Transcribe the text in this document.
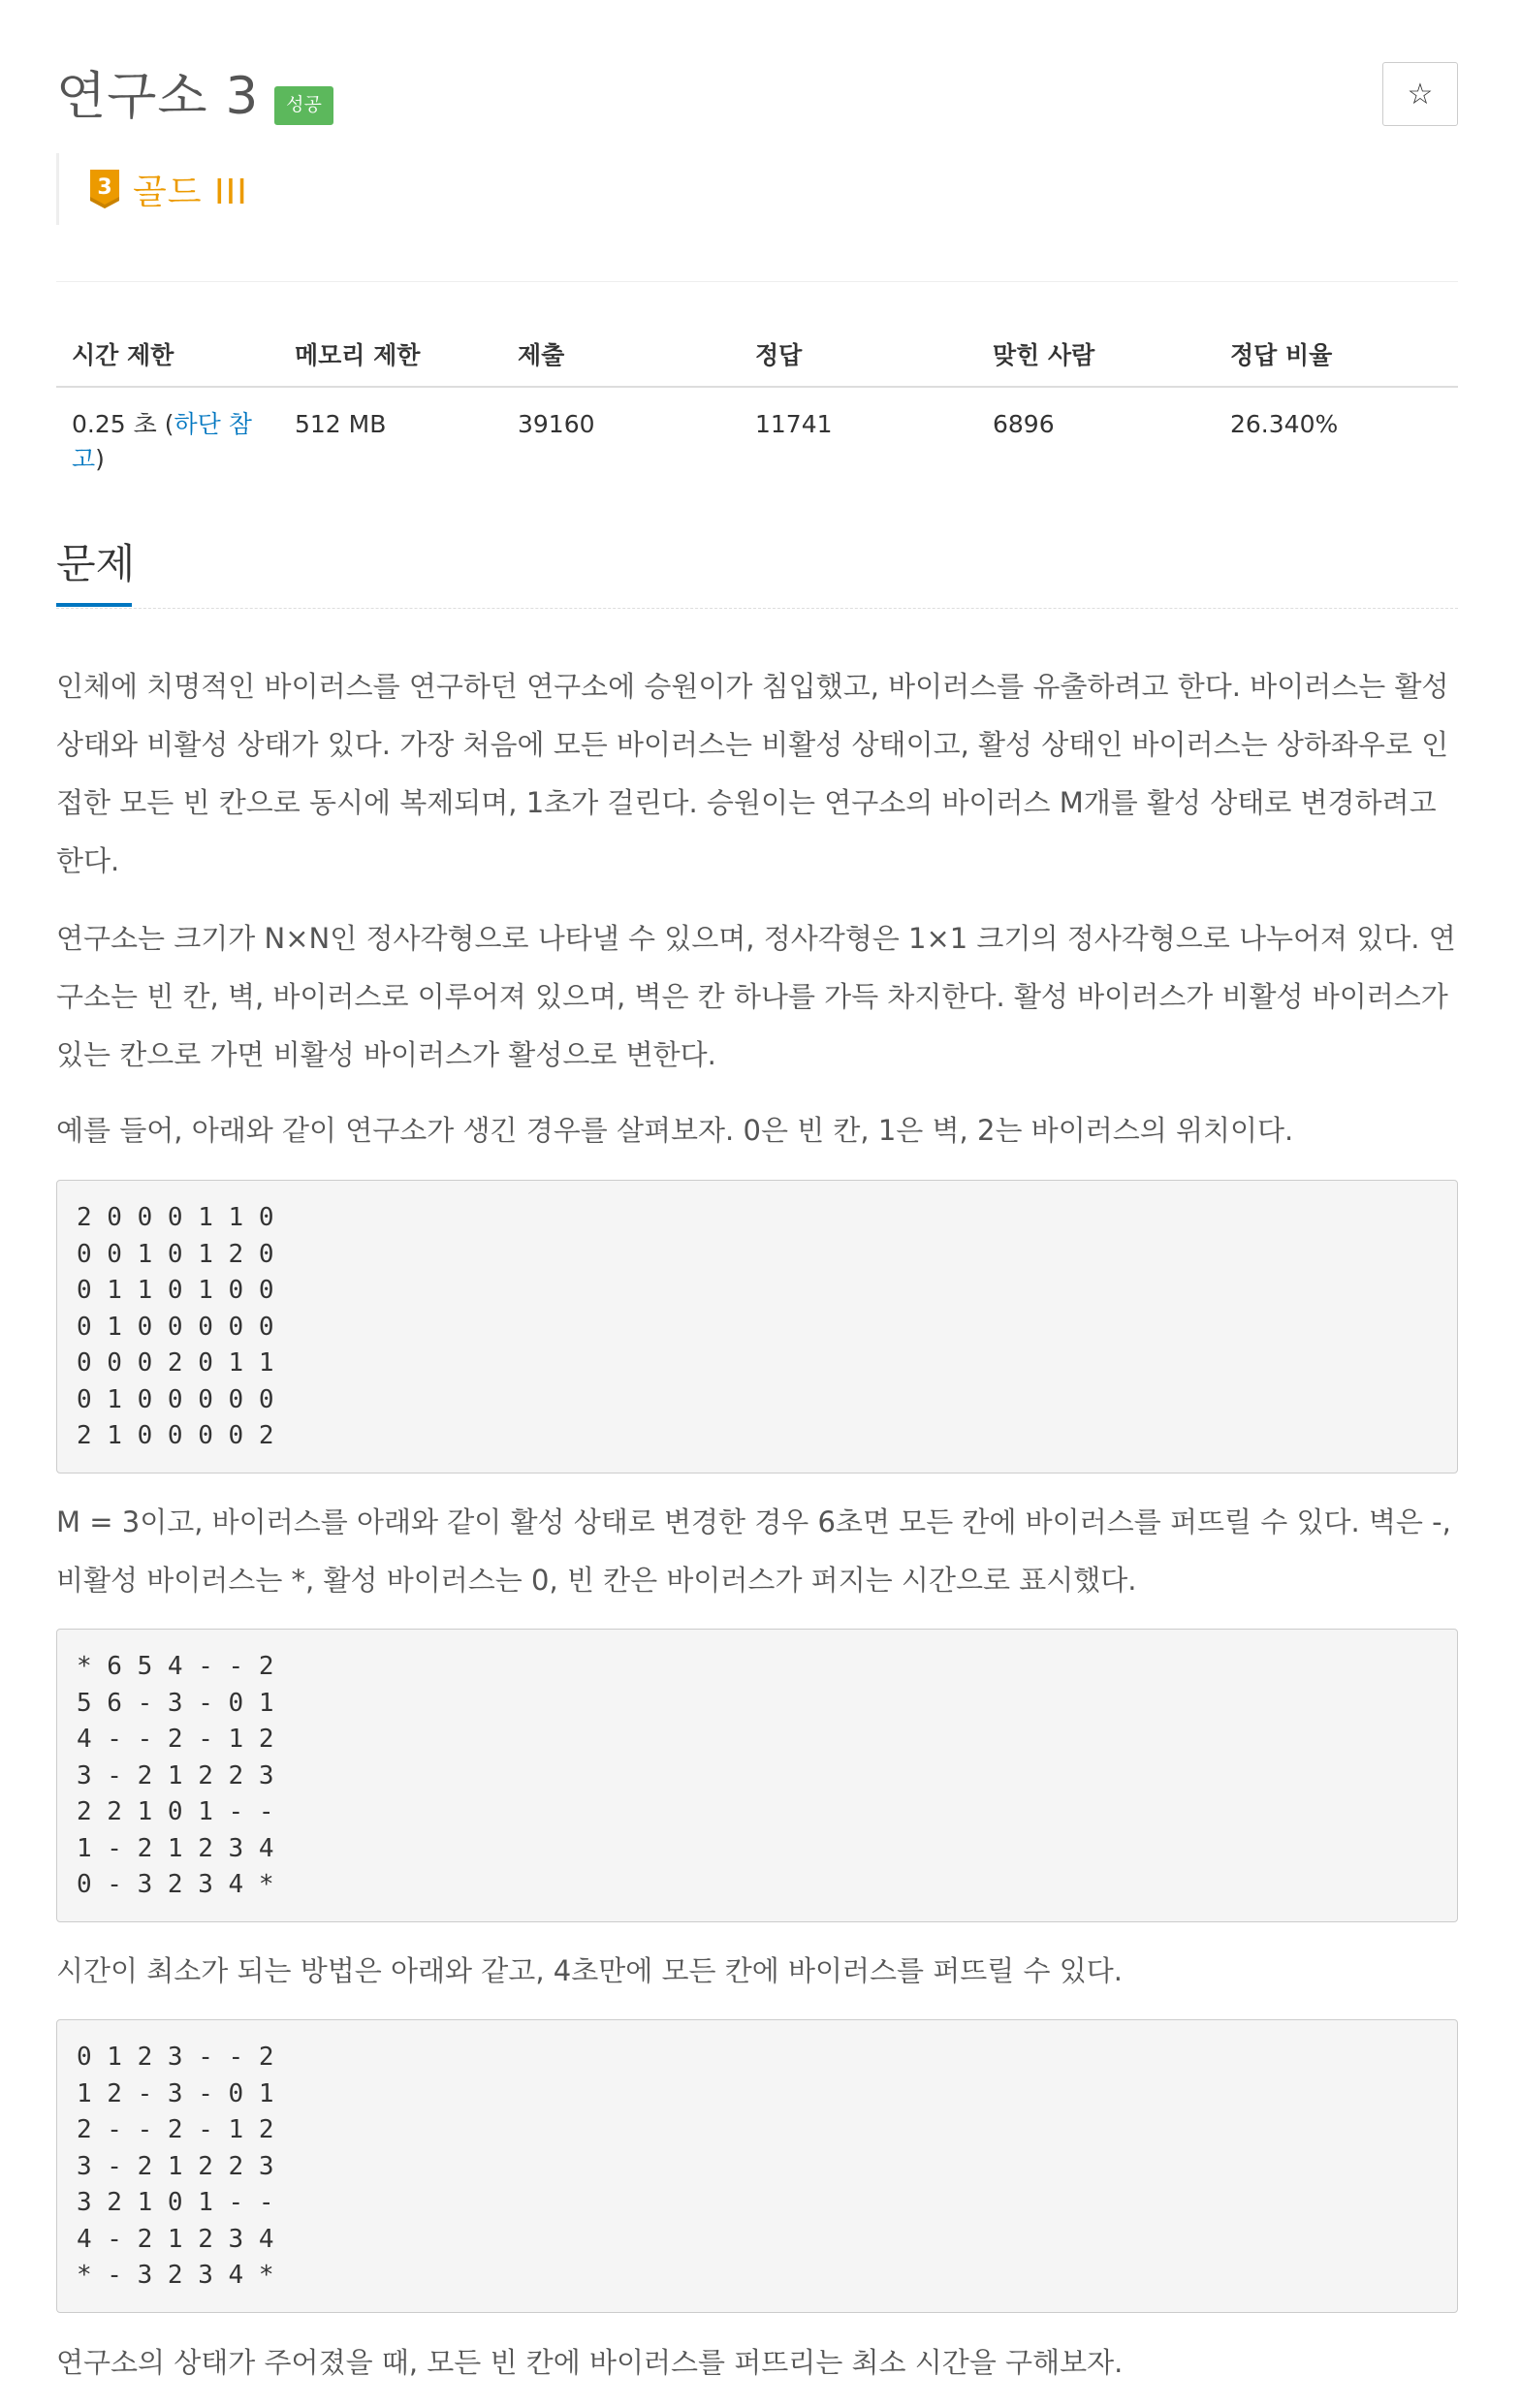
연구소 3	성공	☆
3 골드 III
시간 제한	메모리 제한	제출	정답	맞힌 사람	정답 비율
0.25 초 (하단 참고)	512 MB	39160	11741	6896	26.340%
문제

인체에 치명적인 바이러스를 연구하던 연구소에 승원이가 침입했고, 바이러스를 유출하려고 한다. 바이러스는 활성 상태와 비활성 상태가 있다. 가장 처음에 모든 바이러스는 비활성 상태이고, 활성 상태인 바이러스는 상하좌우로 인접한 모든 빈 칸으로 동시에 복제되며, 1초가 걸린다. 승원이는 연구소의 바이러스 M개를 활성 상태로 변경하려고 한다.

연구소는 크기가 N×N인 정사각형으로 나타낼 수 있으며, 정사각형은 1×1 크기의 정사각형으로 나누어져 있다. 연구소는 빈 칸, 벽, 바이러스로 이루어져 있으며, 벽은 칸 하나를 가득 차지한다. 활성 바이러스가 비활성 바이러스가 있는 칸으로 가면 비활성 바이러스가 활성으로 변한다.

예를 들어, 아래와 같이 연구소가 생긴 경우를 살펴보자. 0은 빈 칸, 1은 벽, 2는 바이러스의 위치이다.

2 0 0 0 1 1 0
0 0 1 0 1 2 0
0 1 1 0 1 0 0
0 1 0 0 0 0 0
0 0 0 2 0 1 1
0 1 0 0 0 0 0
2 1 0 0 0 0 2

M = 3이고, 바이러스를 아래와 같이 활성 상태로 변경한 경우 6초면 모든 칸에 바이러스를 퍼뜨릴 수 있다. 벽은 -, 비활성 바이러스는 *, 활성 바이러스는 0, 빈 칸은 바이러스가 퍼지는 시간으로 표시했다.

* 6 5 4 - - 2
5 6 - 3 - 0 1
4 - - 2 - 1 2
3 - 2 1 2 2 3
2 2 1 0 1 - -
1 - 2 1 2 3 4
0 - 3 2 3 4 *

시간이 최소가 되는 방법은 아래와 같고, 4초만에 모든 칸에 바이러스를 퍼뜨릴 수 있다.

0 1 2 3 - - 2
1 2 - 3 - 0 1
2 - - 2 - 1 2
3 - 2 1 2 2 3
3 2 1 0 1 - -
4 - 2 1 2 3 4
* - 3 2 3 4 *

연구소의 상태가 주어졌을 때, 모든 빈 칸에 바이러스를 퍼뜨리는 최소 시간을 구해보자.
